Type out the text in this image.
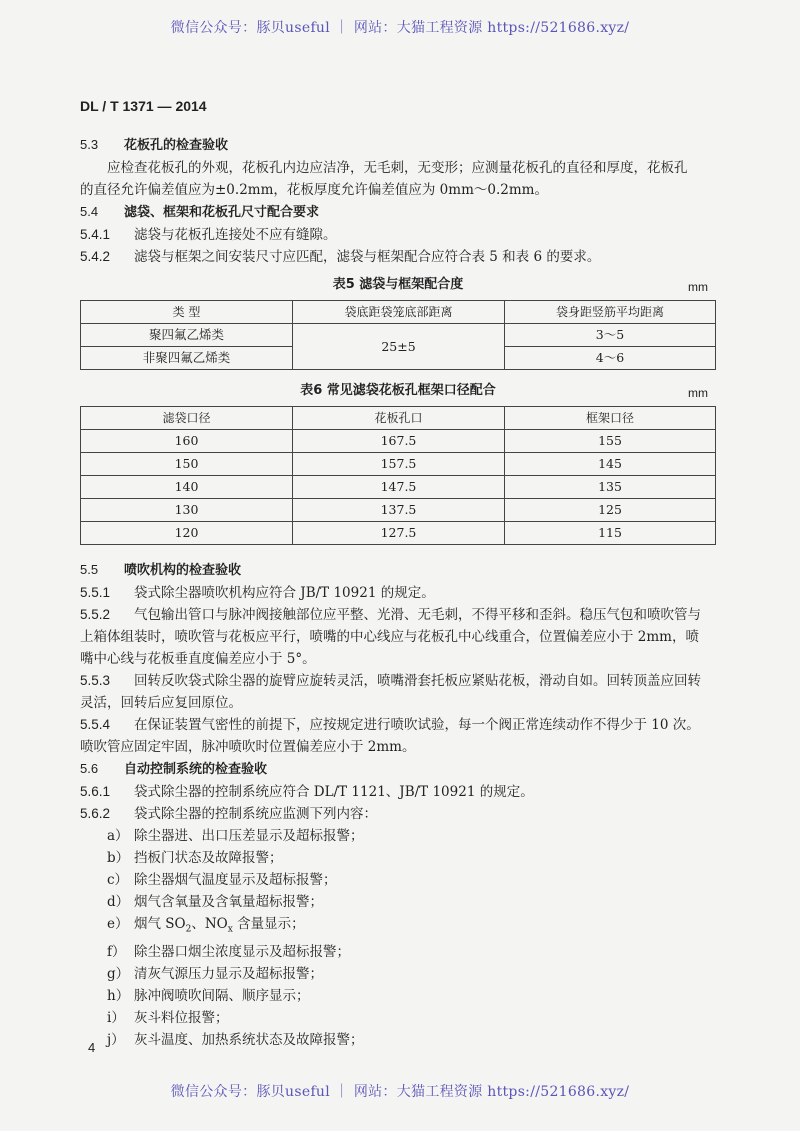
微信公众号：豚贝useful ｜ 网站：大猫工程资源 https://521686.xyz/
DL / T 1371 — 2014

5.3 花板孔的检查验收

应检查花板孔的外观，花板孔内边应洁净，无毛刺，无变形；应测量花板孔的直径和厚度，花板孔

的直径允许偏差值应为±0.2mm，花板厚度允许偏差值应为 0mm～0.2mm。

5.4 滤袋、框架和花板孔尺寸配合要求

5.4.1 滤袋与花板孔连接处不应有缝隙。

5.4.2 滤袋与框架之间安装尺寸应匹配，滤袋与框架配合应符合表 5 和表 6 的要求。

表5 滤袋与框架配合度	mm
类 型	袋底距袋笼底部距离	袋身距竖筋平均距离
聚四氟乙烯类	25±5	3～5
非聚四氟乙烯类		4～6
表6 常见滤袋花板孔框架口径配合	mm
滤袋口径	花板孔口	框架口径
160	167.5	155
150	157.5	145
140	147.5	135
130	137.5	125
120	127.5	115

5.5 喷吹机构的检查验收

5.5.1 袋式除尘器喷吹机构应符合 JB/T 10921 的规定。

5.5.2 气包输出管口与脉冲阀接触部位应平整、光滑、无毛刺，不得平移和歪斜。稳压气包和喷吹管与

上箱体组装时，喷吹管与花板应平行，喷嘴的中心线应与花板孔中心线重合，位置偏差应小于 2mm，喷

嘴中心线与花板垂直度偏差应小于 5°。

5.5.3 回转反吹袋式除尘器的旋臂应旋转灵活，喷嘴滑套托板应紧贴花板，滑动自如。回转顶盖应回转

灵活，回转后应复回原位。

5.5.4 在保证装置气密性的前提下，应按规定进行喷吹试验，每一个阀正常连续动作不得少于 10 次。

喷吹管应固定牢固，脉冲喷吹时位置偏差应小于 2mm。

5.6 自动控制系统的检查验收

5.6.1 袋式除尘器的控制系统应符合 DL/T 1121、JB/T 10921 的规定。

5.6.2 袋式除尘器的控制系统应监测下列内容：

a） 除尘器进、出口压差显示及超标报警；

b） 挡板门状态及故障报警；

c） 除尘器烟气温度显示及超标报警；

d） 烟气含氧量及含氧量超标报警；

e） 烟气 $SO_2$、$NO_x$ 含量显示；

f） 除尘器口烟尘浓度显示及超标报警；

g） 清灰气源压力显示及超标报警；

h） 脉冲阀喷吹间隔、顺序显示；

i） 灰斗料位报警；

j） 灰斗温度、加热系统状态及故障报警；

4
微信公众号：豚贝useful ｜ 网站：大猫工程资源 https://521686.xyz/
